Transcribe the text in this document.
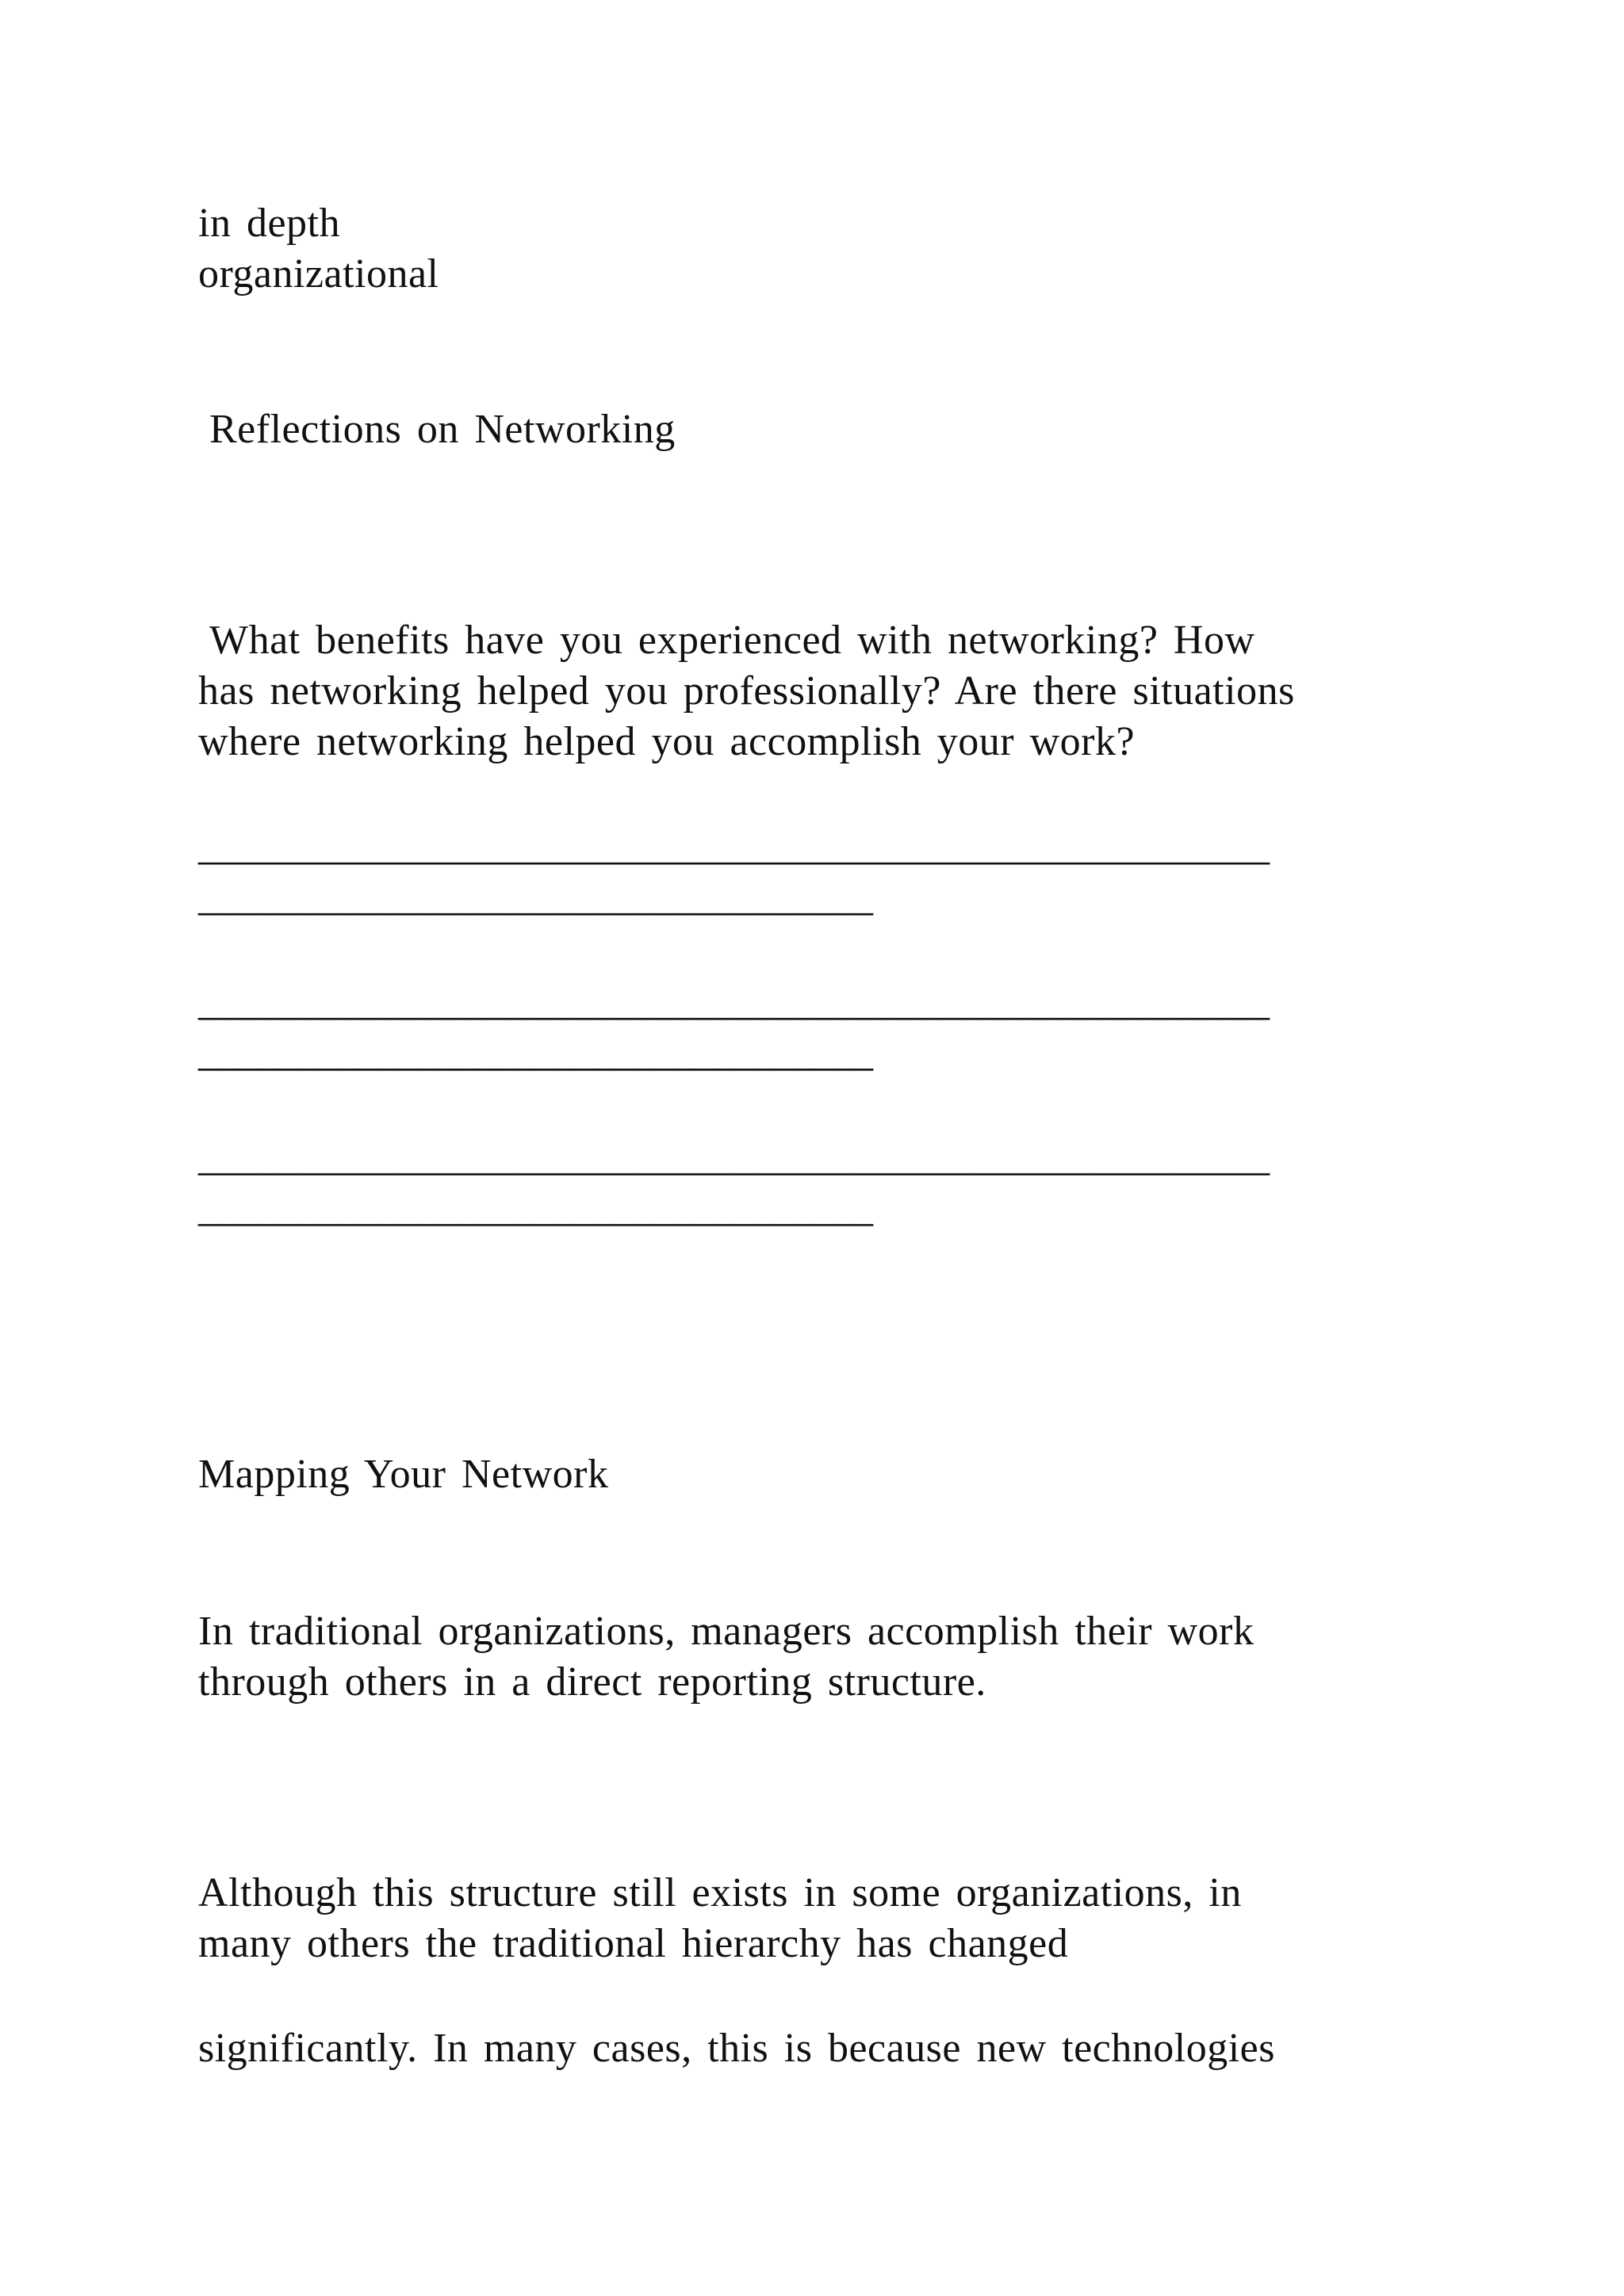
in depth

organizational

Reflections on Networking

What benefits have you experienced with networking? How

has networking helped you professionally? Are there situations

where networking helped you accomplish your work?

______________________________________________________

__________________________________

______________________________________________________

__________________________________

______________________________________________________

__________________________________

Mapping Your Network

In traditional organizations, managers accomplish their work

through others in a direct reporting structure.

Although this structure still exists in some organizations, in

many others the traditional hierarchy has changed

significantly. In many cases, this is because new technologies
